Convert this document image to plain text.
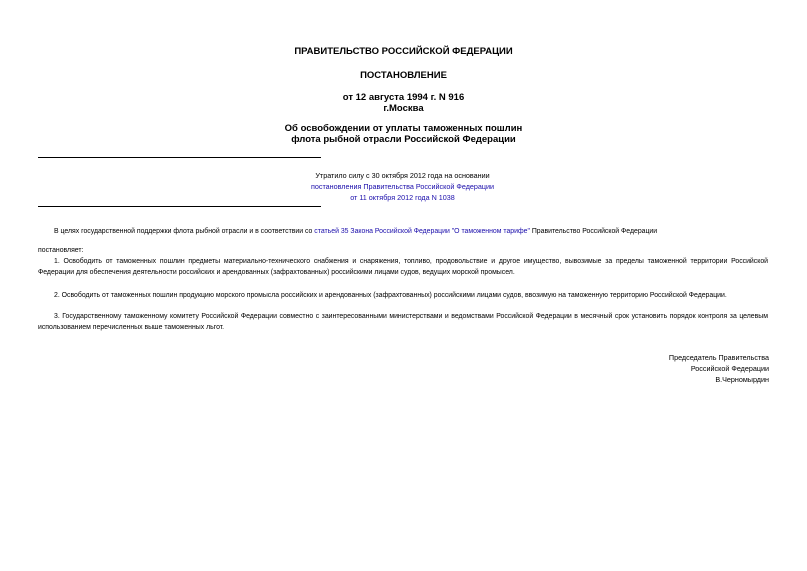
ПРАВИТЕЛЬСТВО РОССИЙСКОЙ ФЕДЕРАЦИИ
ПОСТАНОВЛЕНИЕ
от 12 августа 1994 г. N 916
г.Москва
Об освобождении от уплаты таможенных пошлин
флота рыбной отрасли Российской Федерации
Утратило силу с 30 октября 2012 года на основании
постановления Правительства Российской Федерации
от 11 октября 2012 года N 1038
В целях государственной поддержки флота рыбной отрасли и в соответствии со статьей 35 Закона Российской Федерации "О таможенном тарифе" Правительство Российской Федерации
постановляет:
1. Освободить от таможенных пошлин предметы материально-технического снабжения и снаряжения, топливо, продовольствие и другое имущество, вывозимые за пределы таможенной территории Российской Федерации для обеспечения деятельности российских и арендованных (зафрахтованных) российскими лицами судов, ведущих морской промысел.
2. Освободить от таможенных пошлин продукцию морского промысла российских и арендованных (зафрахтованных) российскими лицами судов, ввозимую на таможенную территорию Российской Федерации.
3. Государственному таможенному комитету Российской Федерации совместно с заинтересованными министерствами и ведомствами Российской Федерации в месячный срок установить порядок контроля за целевым использованием перечисленных выше таможенных льгот.
Председатель Правительства
Российской Федерации
В.Черномырдин
